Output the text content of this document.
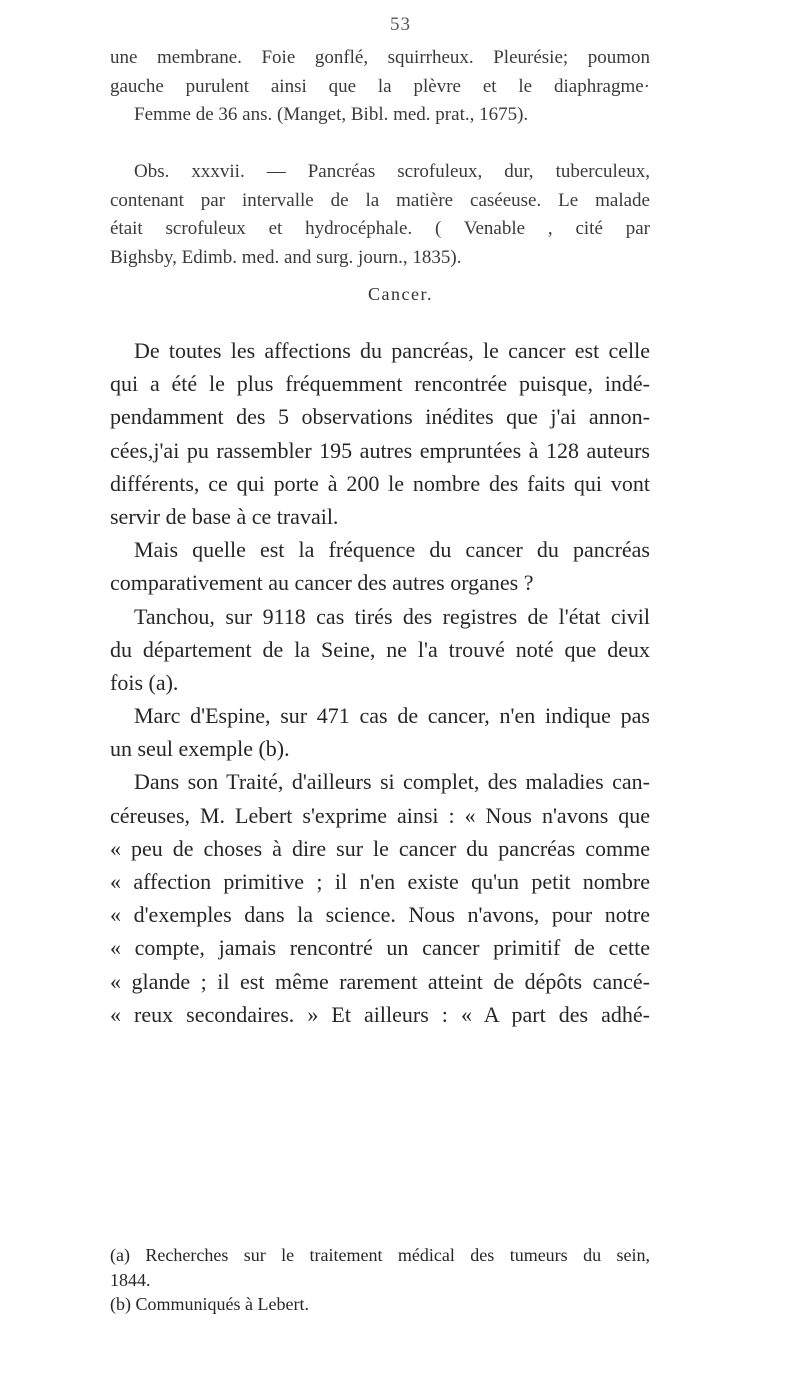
53
une membrane. Foie gonflé, squirrheux. Pleurésie; poumon
gauche purulent ainsi que la plèvre et le diaphragme·
Femme de 36 ans. (Manget, Bibl. med. prat., 1675).
Obs. xxxvii. — Pancréas scrofuleux, dur, tuberculeux,
contenant par intervalle de la matière caséeuse. Le malade
était scrofuleux et hydrocéphale. ( Venable , cité par
Bighsby, Edimb. med. and surg. journ., 1835).
Cancer.
De toutes les affections du pancréas, le cancer est celle
qui a été le plus fréquemment rencontrée puisque, indé-
pendamment des 5 observations inédites que j'ai annon-
cées,j'ai pu rassembler 195 autres empruntées à 128 auteurs
différents, ce qui porte à 200 le nombre des faits qui vont
servir de base à ce travail.
Mais quelle est la fréquence du cancer du pancréas
comparativement au cancer des autres organes ?
Tanchou, sur 9118 cas tirés des registres de l'état civil
du département de la Seine, ne l'a trouvé noté que deux
fois (a).
Marc d'Espine, sur 471 cas de cancer, n'en indique pas
un seul exemple (b).
Dans son Traité, d'ailleurs si complet, des maladies can-
céreuses, M. Lebert s'exprime ainsi : « Nous n'avons que
« peu de choses à dire sur le cancer du pancréas comme
« affection primitive ; il n'en existe qu'un petit nombre
« d'exemples dans la science. Nous n'avons, pour notre
« compte, jamais rencontré un cancer primitif de cette
« glande ; il est même rarement atteint de dépôts cancé-
« reux secondaires. » Et ailleurs : « A part des adhé-
(a) Recherches sur le traitement médical des tumeurs du sein,
1844.
(b) Communiqués à Lebert.
